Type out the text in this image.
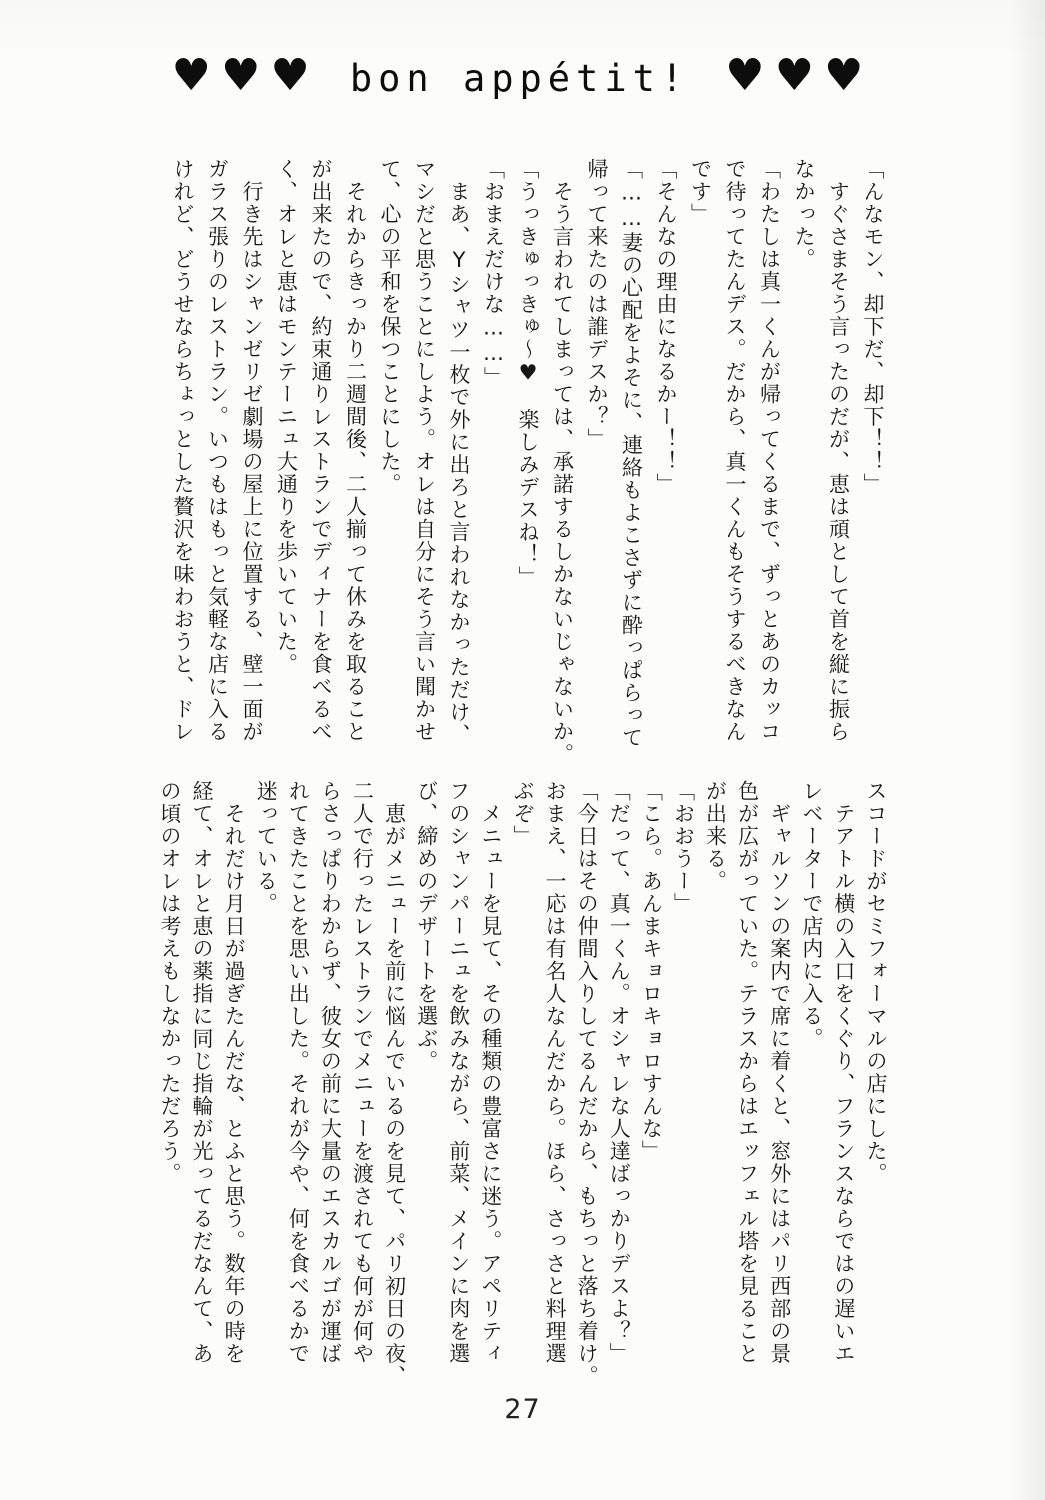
♥♥♥ bon appétit! ♥♥♥
「んなモン、却下だ、却下！！」
　すぐさまそう言ったのだが、恵は頑として首を縦に振ら
なかった。
「わたしは真一くんが帰ってくるまで、ずっとあのカッコ
で待ってたんデス。だから、真一くんもそうするべきなん
です」
「そんなの理由になるかー！！」
「……妻の心配をよそに、連絡もよこさずに酔っぱらって
帰って来たのは誰デスか？」
　そう言われてしまっては、承諾するしかないじゃないか。
「うっきゅっきゅ～♥　楽しみデスね！」
「おまえだけな……」
　まあ、Yシャツ一枚で外に出ろと言われなかっただけ、
マシだと思うことにしよう。オレは自分にそう言い聞かせ
て、心の平和を保つことにした。
　それからきっかり二週間後、二人揃って休みを取ること
が出来たので、約束通りレストランでディナーを食べるべ
く、オレと恵はモンテーニュ大通りを歩いていた。
　行き先はシャンゼリゼ劇場の屋上に位置する、壁一面が
ガラス張りのレストラン。いつもはもっと気軽な店に入る
けれど、どうせならちょっとした贅沢を味わおうと、ドレ
スコードがセミフォーマルの店にした。
　テアトル横の入口をくぐり、フランスならではの遅いエ
レベーターで店内に入る。
　ギャルソンの案内で席に着くと、窓外にはパリ西部の景
色が広がっていた。テラスからはエッフェル塔を見ること
が出来る。
「おおうー」
「こら。あんまキョロキョロすんな」
「だって、真一くん。オシャレな人達ばっかりデスよ？」
「今日はその仲間入りしてるんだから、もちっと落ち着け。
おまえ、一応は有名人なんだから。ほら、さっさと料理選
ぶぞ」
　メニューを見て、その種類の豊富さに迷う。アペリティ
フのシャンパーニュを飲みながら、前菜、メインに肉を選
び、締めのデザートを選ぶ。
　恵がメニューを前に悩んでいるのを見て、パリ初日の夜、
二人で行ったレストランでメニューを渡されても何が何や
らさっぱりわからず、彼女の前に大量のエスカルゴが運ば
れてきたことを思い出した。それが今や、何を食べるかで
迷っている。
　それだけ月日が過ぎたんだな、とふと思う。数年の時を
経て、オレと恵の薬指に同じ指輪が光ってるだなんて、あ
の頃のオレは考えもしなかっただろう。
27
